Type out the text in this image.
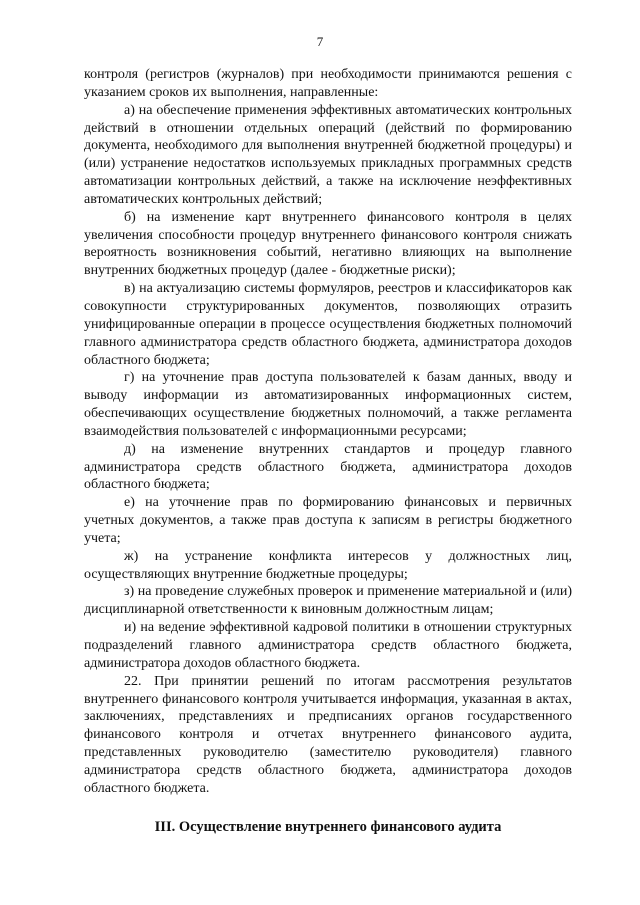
7

контроля (регистров (журналов) при необходимости принимаются решения с указанием сроков их выполнения, направленные:

а) на обеспечение применения эффективных автоматических контрольных действий в отношении отдельных операций (действий по формированию документа, необходимого для выполнения внутренней бюджетной процедуры) и (или) устранение недостатков используемых прикладных программных средств автоматизации контрольных действий, а также на исключение неэффективных автоматических контрольных действий;

б) на изменение карт внутреннего финансового контроля в целях увеличения способности процедур внутреннего финансового контроля снижать вероятность возникновения событий, негативно влияющих на выполнение внутренних бюджетных процедур (далее - бюджетные риски);

в) на актуализацию системы формуляров, реестров и классификаторов как совокупности структурированных документов, позволяющих отразить унифицированные операции в процессе осуществления бюджетных полномочий главного администратора средств областного бюджета, администратора доходов областного бюджета;

г) на уточнение прав доступа пользователей к базам данных, вводу и выводу информации из автоматизированных информационных систем, обеспечивающих осуществление бюджетных полномочий, а также регламента взаимодействия пользователей с информационными ресурсами;

д) на изменение внутренних стандартов и процедур главного администратора средств областного бюджета, администратора доходов областного бюджета;

е) на уточнение прав по формированию финансовых и первичных учетных документов, а также прав доступа к записям в регистры бюджетного учета;

ж) на устранение конфликта интересов у должностных лиц, осуществляющих внутренние бюджетные процедуры;

з) на проведение служебных проверок и применение материальной и (или) дисциплинарной ответственности к виновным должностным лицам;

и) на ведение эффективной кадровой политики в отношении структурных подразделений главного администратора средств областного бюджета, администратора доходов областного бюджета.

22. При принятии решений по итогам рассмотрения результатов внутреннего финансового контроля учитывается информация, указанная в актах, заключениях, представлениях и предписаниях органов государственного финансового контроля и отчетах внутреннего финансового аудита, представленных руководителю (заместителю руководителя) главного администратора средств областного бюджета, администратора доходов областного бюджета.

III. Осуществление внутреннего финансового аудита
